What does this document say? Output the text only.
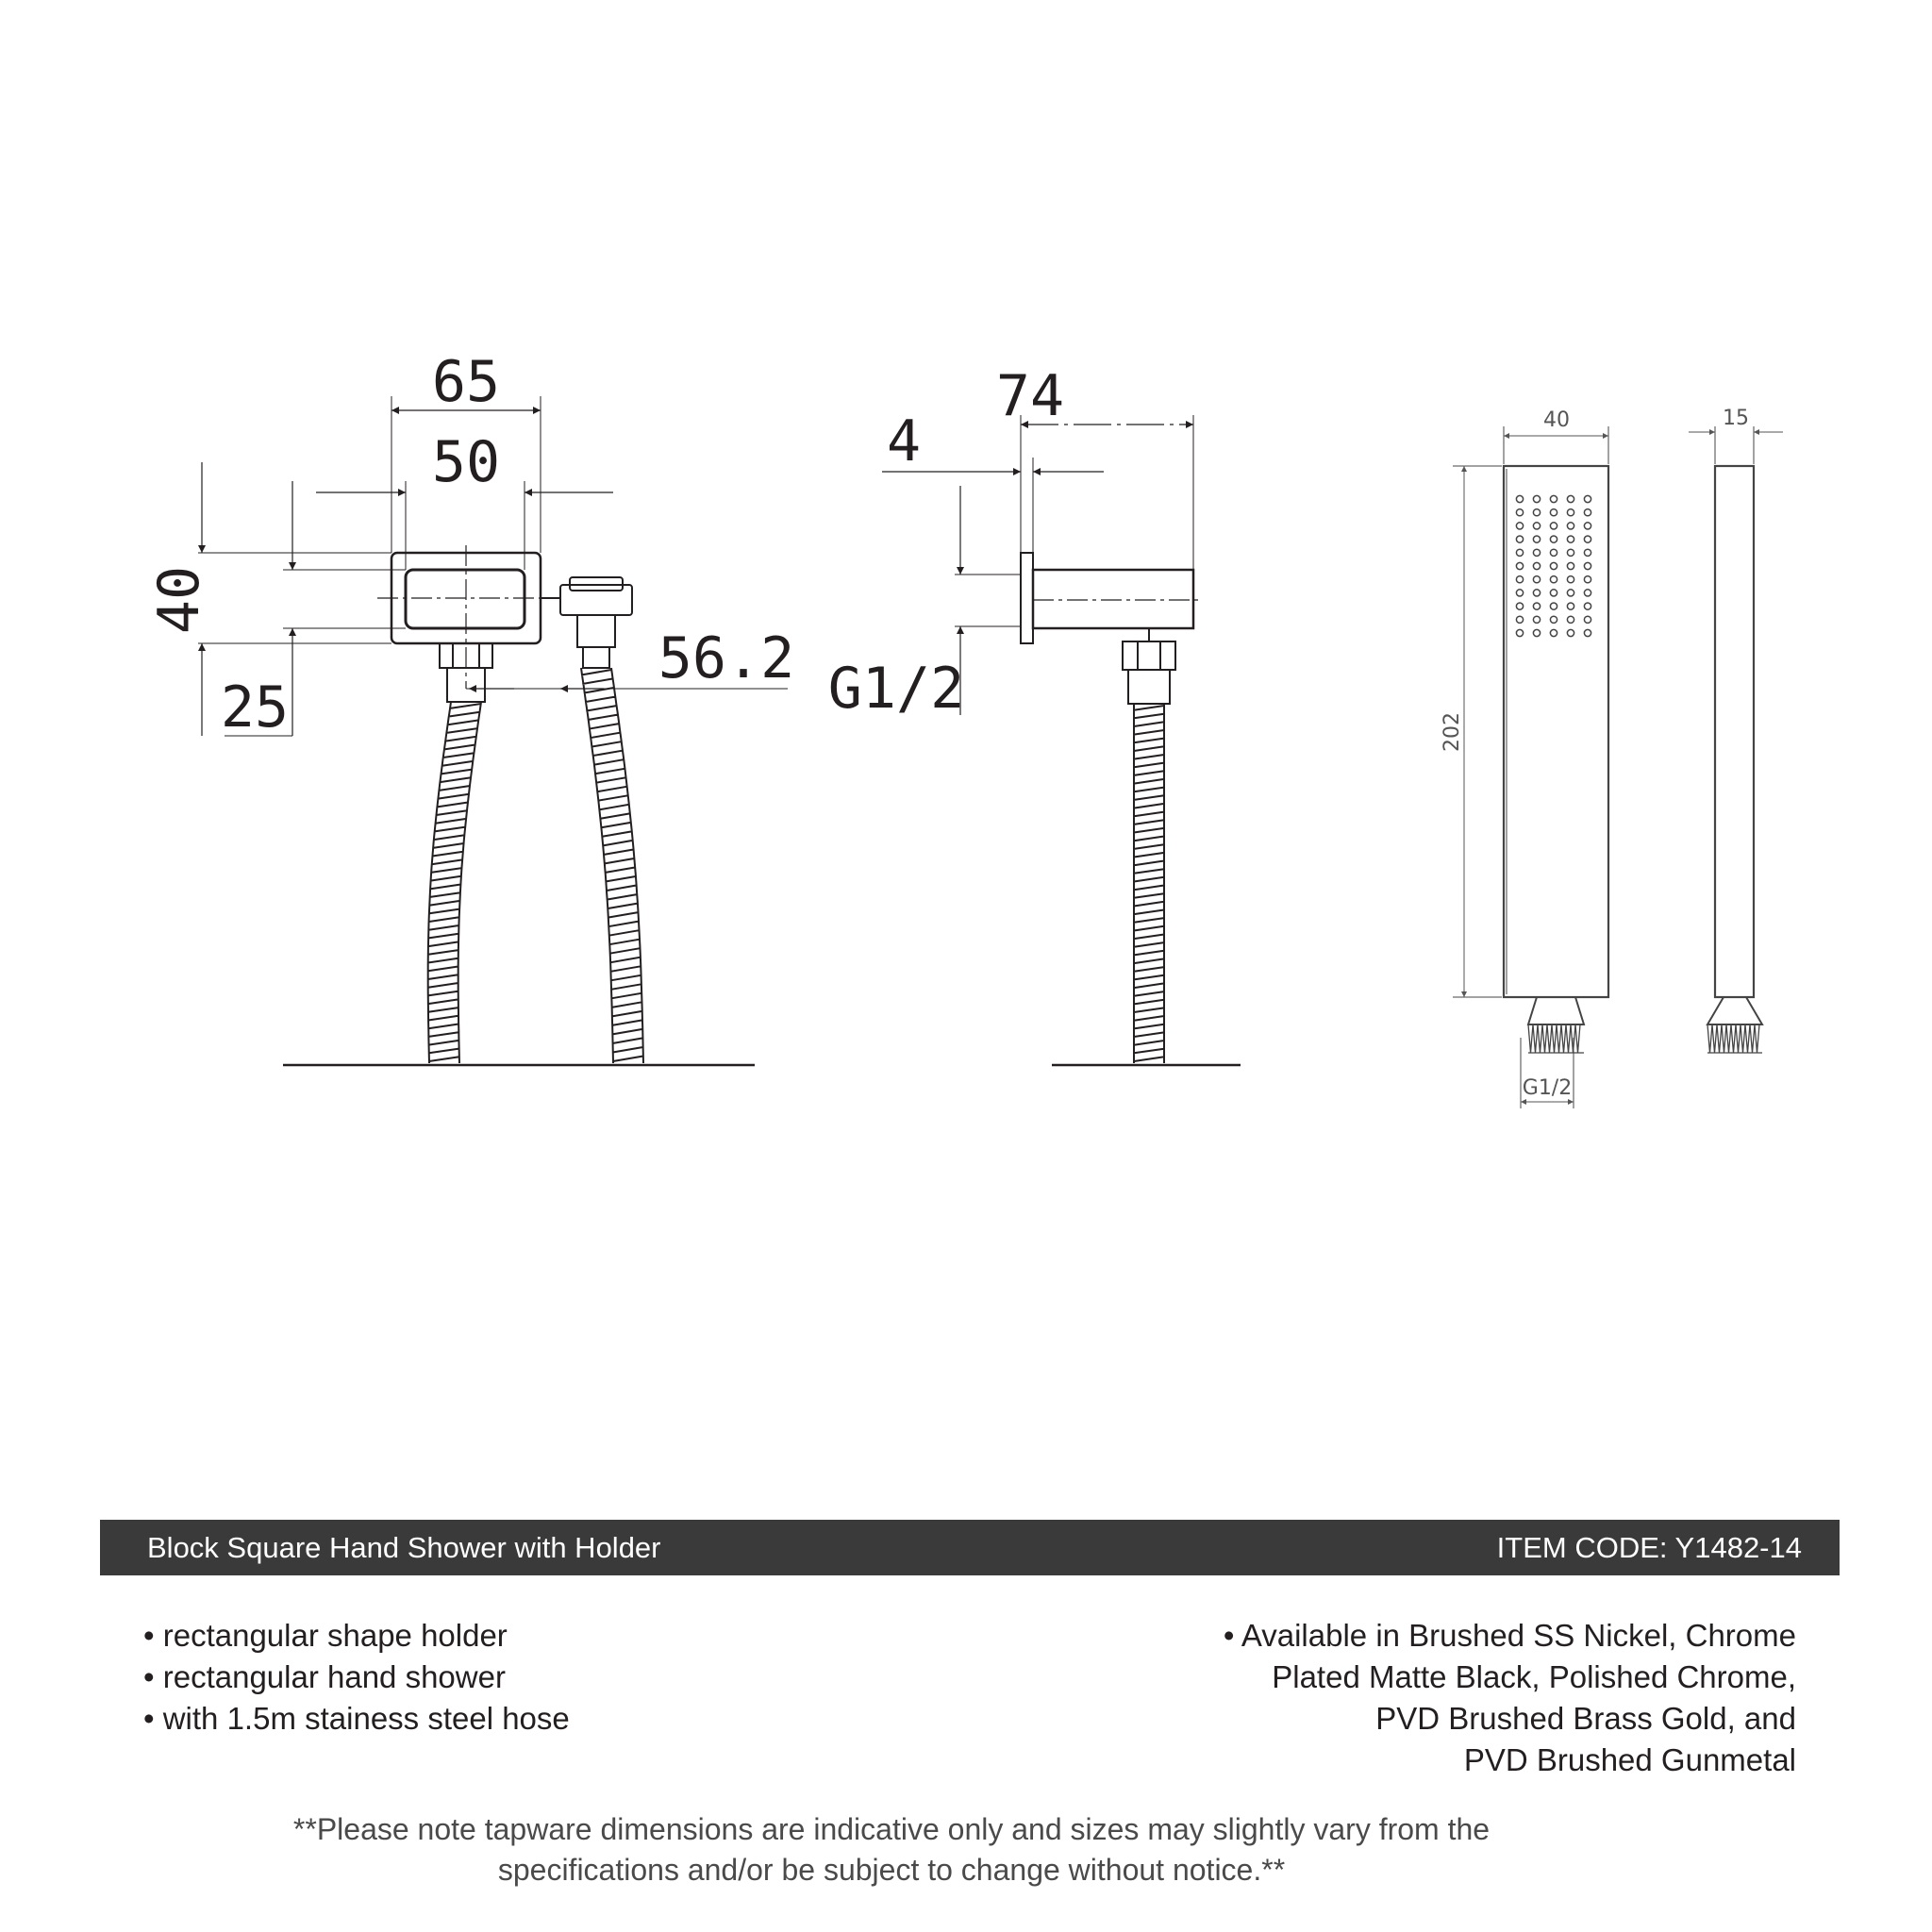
65
50
40
25
56.2
74
4
G1/2
40	15
202
G1/2
Block Square Hand Shower with Holder	ITEM CODE: Y1482-14
• rectangular shape holder
• rectangular hand shower
• with 1.5m stainess steel hose
• Available in Brushed SS Nickel, Chrome
Plated Matte Black, Polished Chrome,
PVD Brushed Brass Gold, and
PVD Brushed Gunmetal
**Please note tapware dimensions are indicative only and sizes may slightly vary from the
specifications and/or be subject to change without notice.**
